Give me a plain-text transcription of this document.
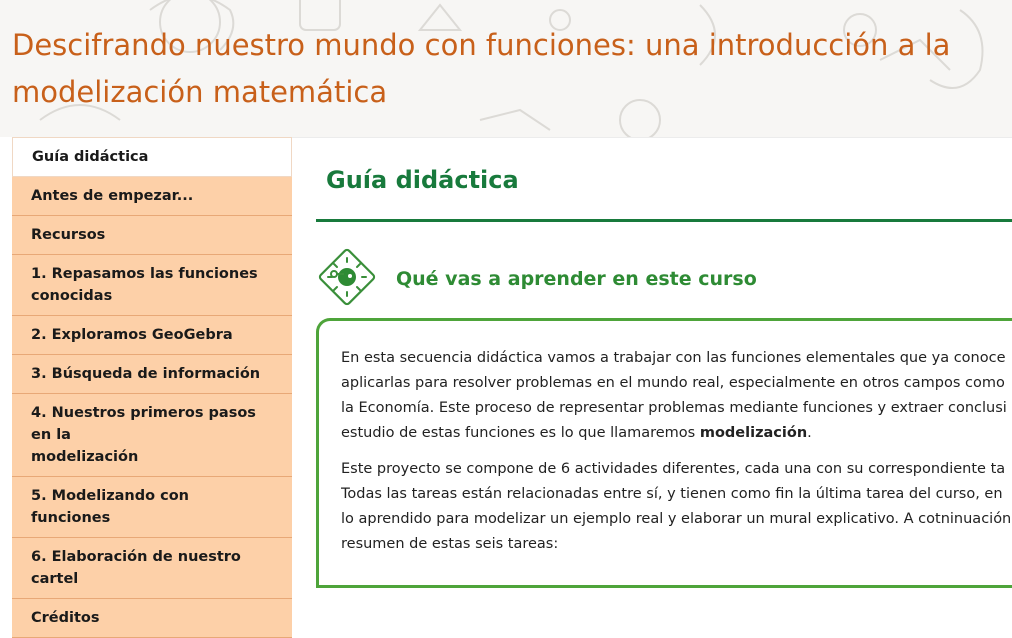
Descifrando nuestro mundo con funciones: una introducción a la
modelización matemática
Guía didáctica
Antes de empezar...
Recursos
1. Repasamos las funciones
conocidas
2. Exploramos GeoGebra
3. Búsqueda de información
4. Nuestros primeros pasos en la
modelización
5. Modelizando con funciones
6. Elaboración de nuestro cartel
Créditos
Guía didáctica
Qué vas a aprender en este curso
En esta secuencia didáctica vamos a trabajar con las funciones elementales que ya conoce
aplicarlas para resolver problemas en el mundo real, especialmente en otros campos como
la Economía. Este proceso de representar problemas mediante funciones y extraer conclusi
estudio de estas funciones es lo que llamaremos modelización.
Este proyecto se compone de 6 actividades diferentes, cada una con su correspondiente ta
Todas las tareas están relacionadas entre sí, y tienen como fin la última tarea del curso, en
lo aprendido para modelizar un ejemplo real y elaborar un mural explicativo. A cotninuación
resumen de estas seis tareas:
